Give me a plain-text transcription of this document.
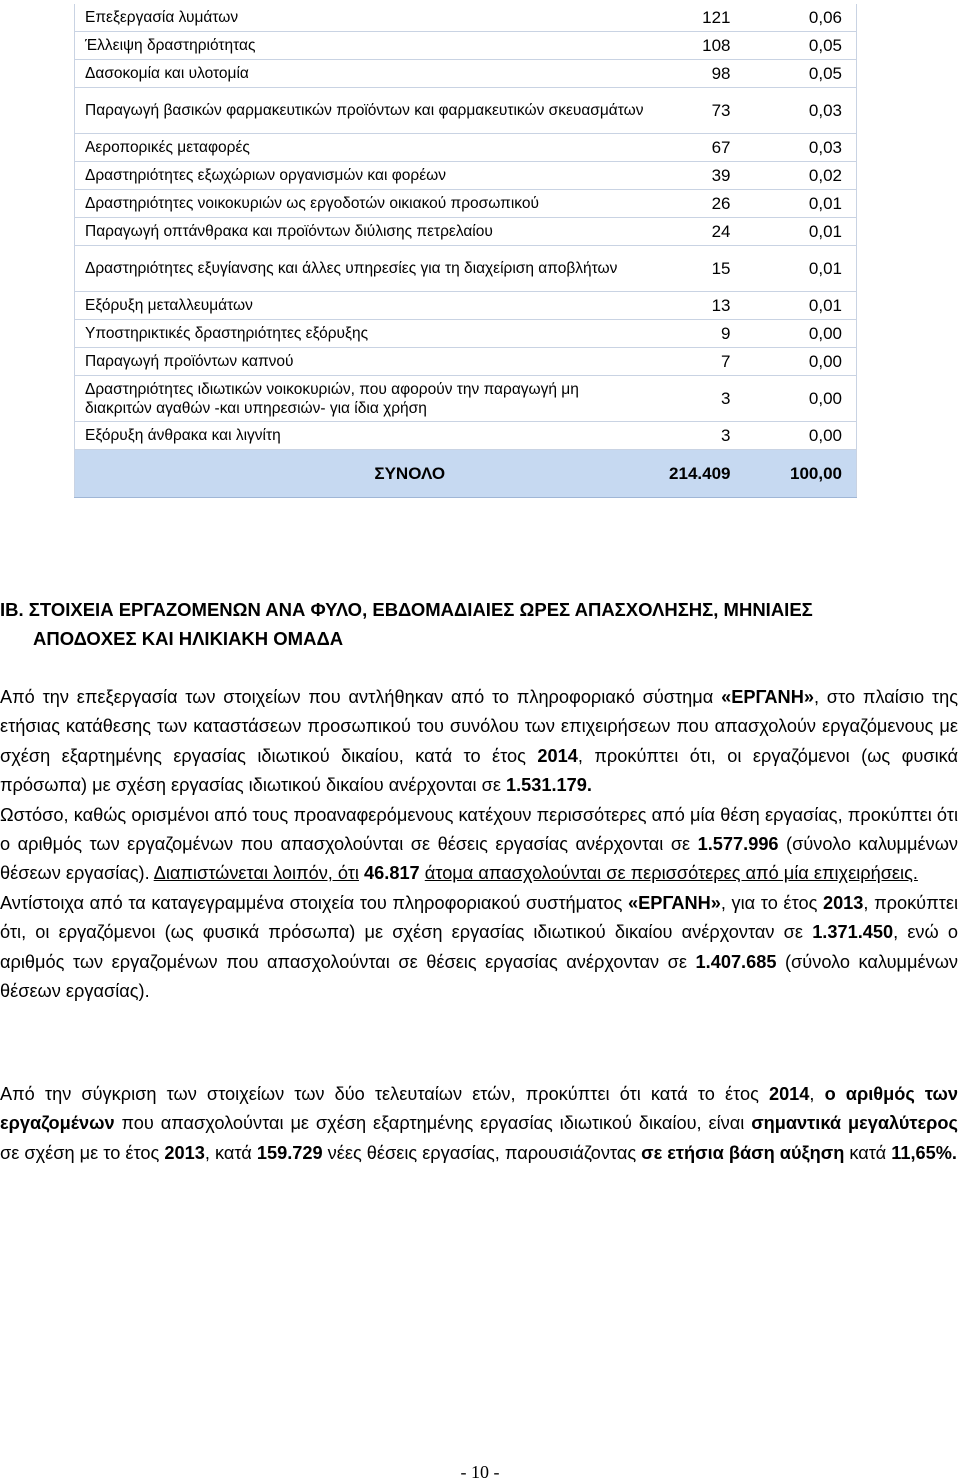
Επεξεργασία λυμάτων	121	0,06
Έλλειψη δραστηριότητας	108	0,05
Δασοκομία και υλοτομία	98	0,05
Παραγωγή βασικών φαρμακευτικών προϊόντων και φαρμακευτικών σκευασμάτων	73	0,03
Αεροπορικές μεταφορές	67	0,03
Δραστηριότητες εξωχώριων οργανισμών και φορέων	39	0,02
Δραστηριότητες νοικοκυριών ως εργοδοτών οικιακού προσωπικού	26	0,01
Παραγωγή οπτάνθρακα και προϊόντων διύλισης πετρελαίου	24	0,01
Δραστηριότητες εξυγίανσης και άλλες υπηρεσίες για τη διαχείριση αποβλήτων	15	0,01
Εξόρυξη μεταλλευμάτων	13	0,01
Υποστηρικτικές δραστηριότητες εξόρυξης	9	0,00
Παραγωγή προϊόντων καπνού	7	0,00
Δραστηριότητες ιδιωτικών νοικοκυριών, που αφορούν την παραγωγή μη διακριτών αγαθών -και υπηρεσιών- για ίδια χρήση	3	0,00
Εξόρυξη άνθρακα και λιγνίτη	3	0,00
ΣΥΝΟΛΟ	214.409	100,00
ΙΒ. ΣΤΟΙΧΕΙΑ ΕΡΓΑΖΟΜΕΝΩΝ ΑΝΑ ΦΥΛΟ, ΕΒΔΟΜΑΔΙΑΙΕΣ ΩΡΕΣ ΑΠΑΣΧΟΛΗΣΗΣ, ΜΗΝΙΑΙΕΣ
ΑΠΟΔΟΧΕΣ ΚΑΙ ΗΛΙΚΙΑΚΗ ΟΜΑΔΑ

Από την επεξεργασία των στοιχείων που αντλήθηκαν από το πληροφοριακό σύστημα «ΕΡΓΑΝΗ», στο πλαίσιο της ετήσιας κατάθεσης των καταστάσεων προσωπικού του συνόλου των επιχειρήσεων που απασχολούν εργαζόμενους με σχέση εξαρτημένης εργασίας ιδιωτικού δικαίου, κατά το έτος 2014, προκύπτει ότι, οι εργαζόμενοι (ως φυσικά πρόσωπα) με σχέση εργασίας ιδιωτικού δικαίου ανέρχονται σε 1.531.179.

Ωστόσο, καθώς ορισμένοι από τους προαναφερόμενους κατέχουν περισσότερες από μία θέση εργασίας, προκύπτει ότι ο αριθμός των εργαζομένων που απασχολούνται σε θέσεις εργασίας ανέρχονται σε 1.577.996 (σύνολο καλυμμένων θέσεων εργασίας). Διαπιστώνεται λοιπόν, ότι 46.817 άτομα απασχολούνται σε περισσότερες από μία επιχειρήσεις.

Αντίστοιχα από τα καταγεγραμμένα στοιχεία του πληροφοριακού συστήματος «ΕΡΓΑΝΗ», για το έτος 2013, προκύπτει ότι, οι εργαζόμενοι (ως φυσικά πρόσωπα) με σχέση εργασίας ιδιωτικού δικαίου ανέρχονταν σε 1.371.450, ενώ ο αριθμός των εργαζομένων που απασχολούνται σε θέσεις εργασίας ανέρχονταν σε 1.407.685 (σύνολο καλυμμένων θέσεων εργασίας).

Από την σύγκριση των στοιχείων των δύο τελευταίων ετών, προκύπτει ότι κατά το έτος 2014, ο αριθμός των εργαζομένων που απασχολούνται με σχέση εξαρτημένης εργασίας ιδιωτικού δικαίου, είναι σημαντικά μεγαλύτερος σε σχέση με το έτος 2013, κατά 159.729 νέες θέσεις εργασίας, παρουσιάζοντας σε ετήσια βάση αύξηση κατά 11,65%.

- 10 -
